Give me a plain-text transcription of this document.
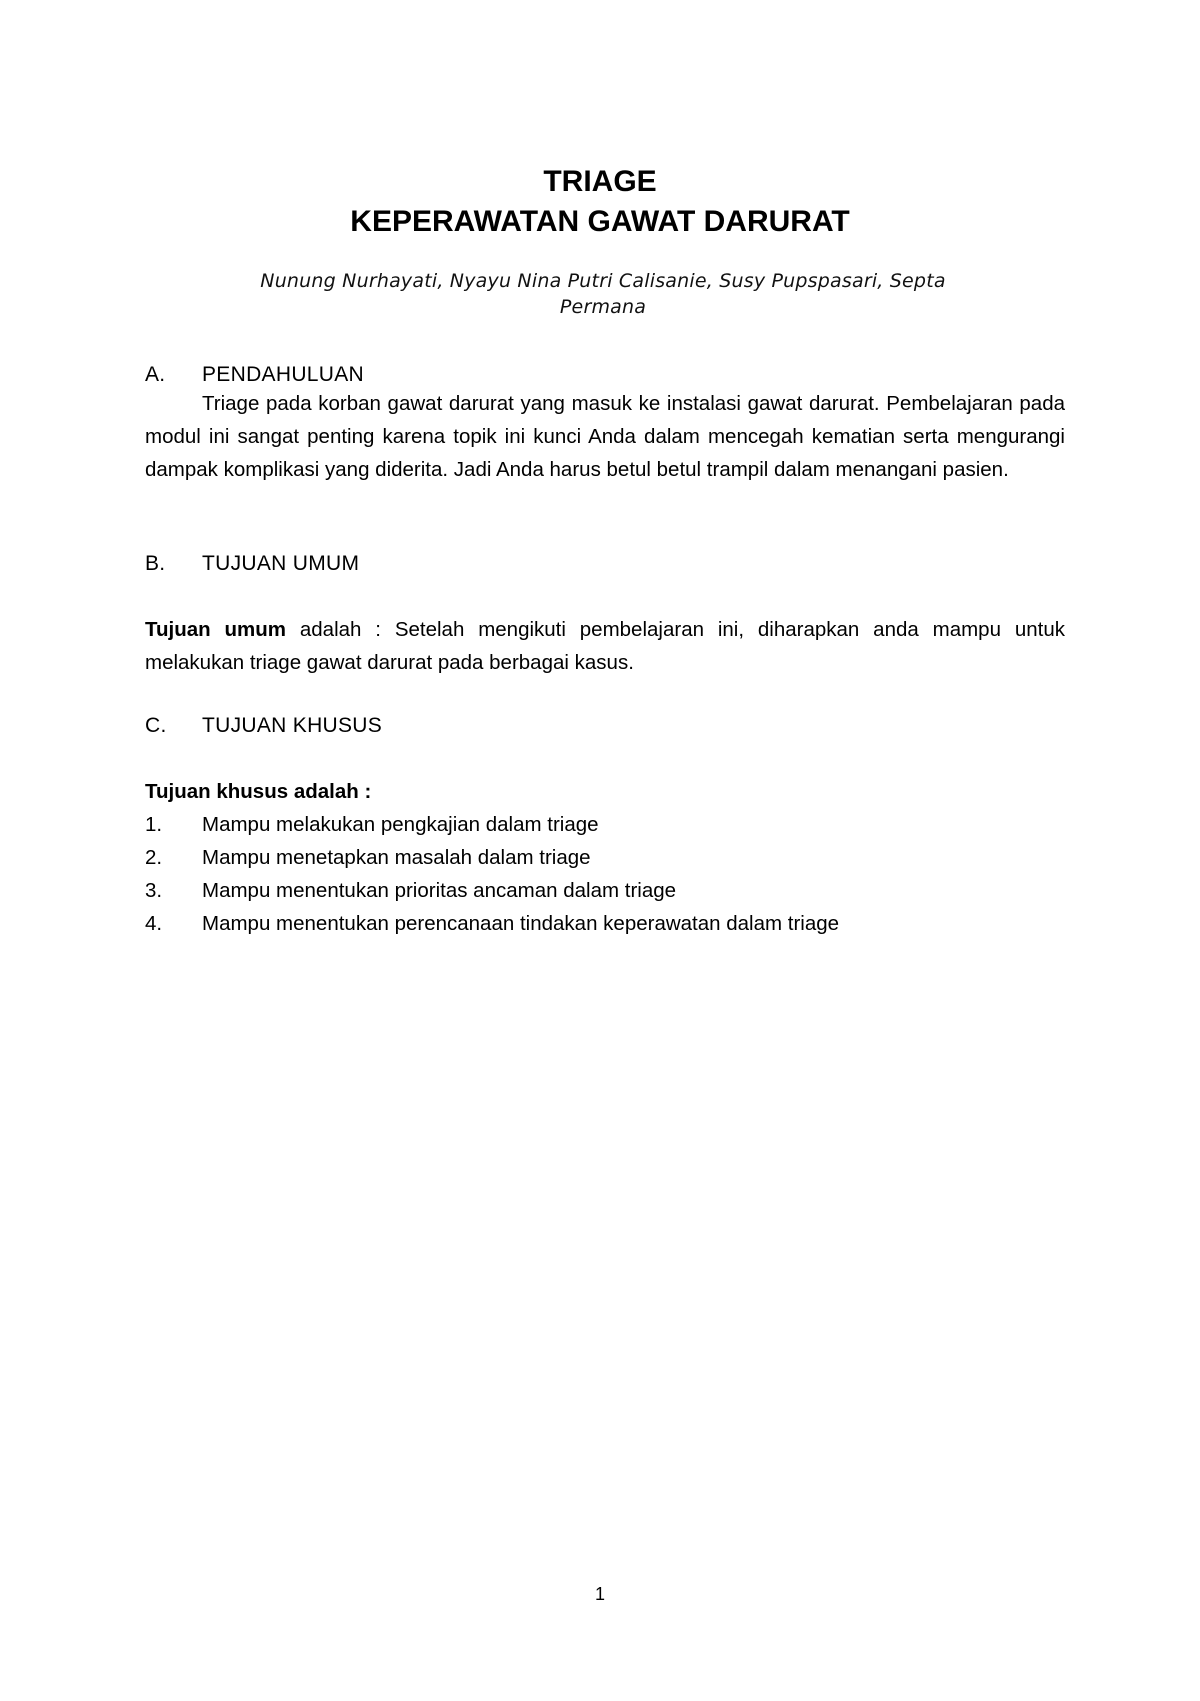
TRIAGE
KEPERAWATAN GAWAT DARURAT
Nunung Nurhayati, Nyayu Nina Putri Calisanie, Susy Pupspasari, Septa Permana
A. PENDAHULUAN
Triage pada korban gawat darurat yang masuk ke instalasi gawat darurat. Pembelajaran pada modul ini sangat penting karena topik ini kunci Anda dalam mencegah kematian serta mengurangi dampak komplikasi yang diderita. Jadi Anda harus betul betul trampil dalam menangani pasien.
B. TUJUAN UMUM
Tujuan umum adalah : Setelah mengikuti pembelajaran ini, diharapkan anda mampu untuk melakukan triage gawat darurat pada berbagai kasus.
C. TUJUAN KHUSUS
Tujuan khusus adalah :
1. Mampu melakukan pengkajian dalam triage
2. Mampu menetapkan masalah dalam triage
3. Mampu menentukan prioritas ancaman dalam triage
4. Mampu menentukan perencanaan tindakan keperawatan dalam triage
1
